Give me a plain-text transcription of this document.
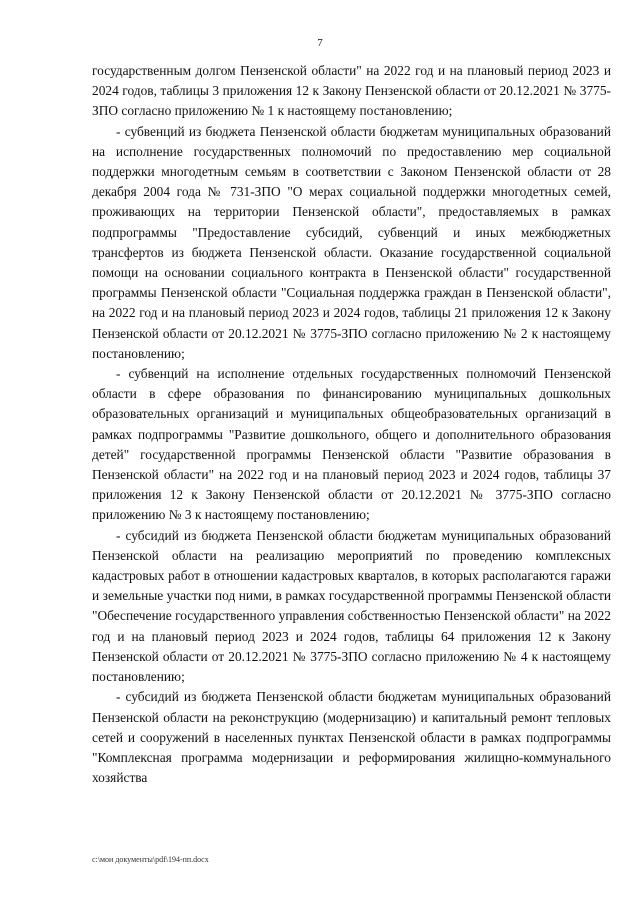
7

государственным долгом Пензенской области" на 2022 год и на плановый период 2023 и 2024 годов, таблицы 3 приложения 12 к Закону Пензенской области от 20.12.2021 № 3775-ЗПО согласно приложению № 1 к настоящему постановлению;

- субвенций из бюджета Пензенской области бюджетам муниципальных образований на исполнение государственных полномочий по предоставлению мер социальной поддержки многодетным семьям в соответствии с Законом Пензенской области от 28 декабря 2004 года № 731-ЗПО "О мерах социальной поддержки многодетных семей, проживающих на территории Пензенской области", предоставляемых в рамках подпрограммы "Предоставление субсидий, субвенций и иных межбюджетных трансфертов из бюджета Пензенской области. Оказание государственной социальной помощи на основании социального контракта в Пензенской области" государственной программы Пензенской области "Социальная поддержка граждан в Пензенской области", на 2022 год и на плановый период 2023 и 2024 годов, таблицы 21 приложения 12 к Закону Пензенской области от 20.12.2021 № 3775-ЗПО согласно приложению № 2 к настоящему постановлению;

- субвенций на исполнение отдельных государственных полномочий Пензенской области в сфере образования по финансированию муниципальных дошкольных образовательных организаций и муниципальных общеобразовательных организаций в рамках подпрограммы "Развитие дошкольного, общего и дополнительного образования детей" государственной программы Пензенской области "Развитие образования в Пензенской области" на 2022 год и на плановый период 2023 и 2024 годов, таблицы 37 приложения 12 к Закону Пензенской области от 20.12.2021 № 3775-ЗПО согласно приложению № 3 к настоящему постановлению;

- субсидий из бюджета Пензенской области бюджетам муниципальных образований Пензенской области на реализацию мероприятий по проведению комплексных кадастровых работ в отношении кадастровых кварталов, в которых располагаются гаражи и земельные участки под ними, в рамках государственной программы Пензенской области "Обеспечение государственного управления собственностью Пензенской области" на 2022 год и на плановый период 2023 и 2024 годов, таблицы 64 приложения 12 к Закону Пензенской области от 20.12.2021 № 3775-ЗПО согласно приложению № 4 к настоящему постановлению;

- субсидий из бюджета Пензенской области бюджетам муниципальных образований Пензенской области на реконструкцию (модернизацию) и капитальный ремонт тепловых сетей и сооружений в населенных пунктах Пензенской области в рамках подпрограммы "Комплексная программа модернизации и реформирования жилищно-коммунального хозяйства

c:\мои документы\pdf\194-пп.docx
